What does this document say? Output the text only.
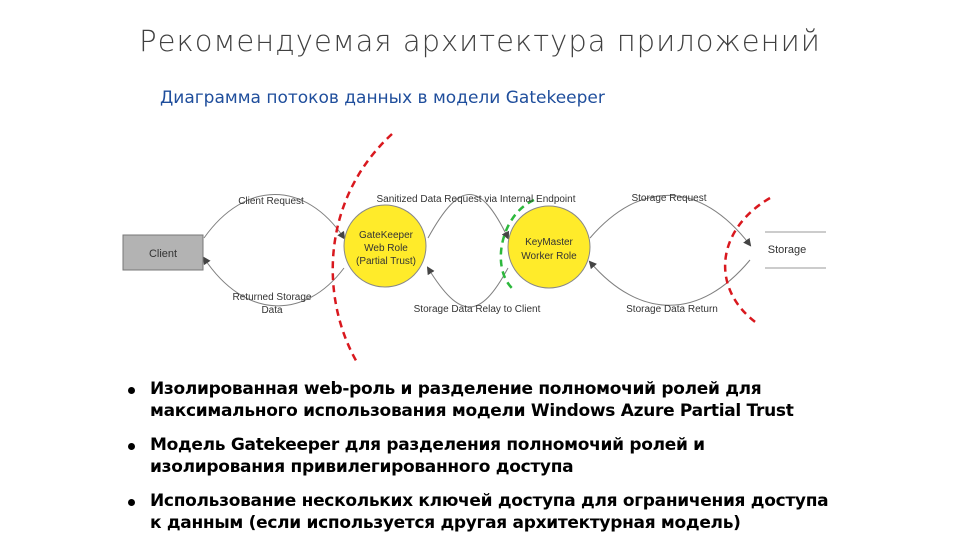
Рекомендуемая архитектура приложений
Диаграмма потоков данных в модели Gatekeeper
Client
GateKeeper
Web Role
(Partial Trust)
KeyMaster
Worker Role
Storage
Client Request
Returned Storage
Data
Sanitized Data Request via Internal Endpoint
Storage Data Relay to Client
Storage Request
Storage Data Return
Изолированная web-роль и разделение полномочий ролей для максимального использования модели Windows Azure Partial Trust
Модель Gatekeeper для разделения полномочий ролей и изолирования привилегированного доступа
Использование нескольких ключей доступа для ограничения доступа к данным (если используется другая архитектурная модель)
